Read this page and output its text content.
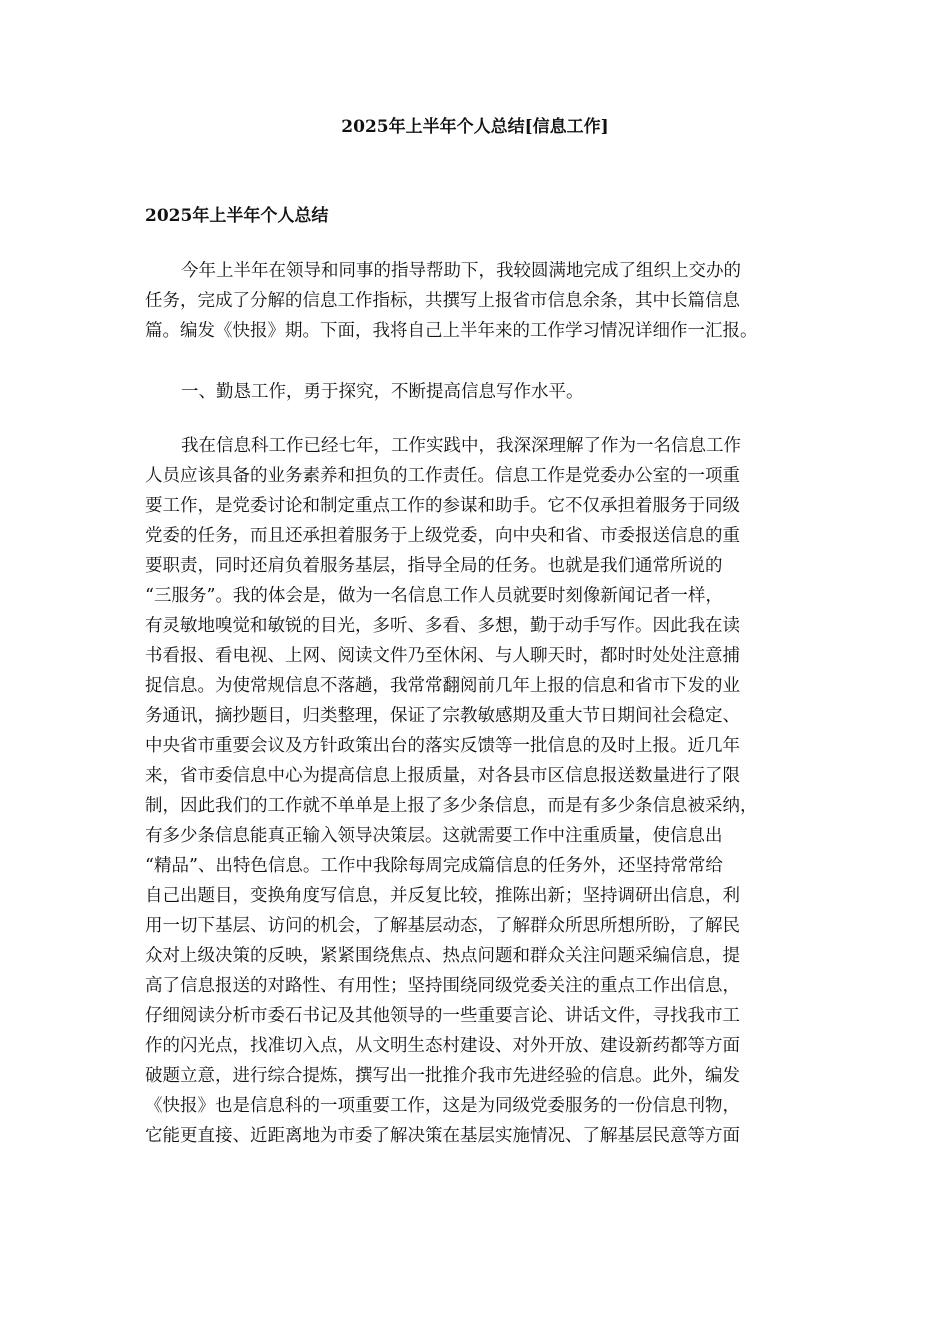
2025年上半年个人总结[信息工作]
2025年上半年个人总结
今年上半年在领导和同事的指导帮助下，我较圆满地完成了组织上交办的
任务，完成了分解的信息工作指标，共撰写上报省市信息余条，其中长篇信息
篇。编发《快报》期。下面，我将自己上半年来的工作学习情况详细作一汇报。
一、勤恳工作，勇于探究，不断提高信息写作水平。
我在信息科工作已经七年，工作实践中，我深深理解了作为一名信息工作
人员应该具备的业务素养和担负的工作责任。信息工作是党委办公室的一项重
要工作，是党委讨论和制定重点工作的参谋和助手。它不仅承担着服务于同级
党委的任务，而且还承担着服务于上级党委，向中央和省、市委报送信息的重
要职责，同时还肩负着服务基层，指导全局的任务。也就是我们通常所说的
“三服务”。我的体会是，做为一名信息工作人员就要时刻像新闻记者一样，
有灵敏地嗅觉和敏锐的目光，多听、多看、多想，勤于动手写作。因此我在读
书看报、看电视、上网、阅读文件乃至休闲、与人聊天时，都时时处处注意捕
捉信息。为使常规信息不落趟，我常常翻阅前几年上报的信息和省市下发的业
务通讯，摘抄题目，归类整理，保证了宗教敏感期及重大节日期间社会稳定、
中央省市重要会议及方针政策出台的落实反馈等一批信息的及时上报。近几年
来，省市委信息中心为提高信息上报质量，对各县市区信息报送数量进行了限
制，因此我们的工作就不单单是上报了多少条信息，而是有多少条信息被采纳，
有多少条信息能真正输入领导决策层。这就需要工作中注重质量，使信息出
“精品”、出特色信息。工作中我除每周完成篇信息的任务外，还坚持常常给
自己出题目，变换角度写信息，并反复比较，推陈出新；坚持调研出信息，利
用一切下基层、访问的机会，了解基层动态，了解群众所思所想所盼，了解民
众对上级决策的反映，紧紧围绕焦点、热点问题和群众关注问题采编信息，提
高了信息报送的对路性、有用性；坚持围绕同级党委关注的重点工作出信息，
仔细阅读分析市委石书记及其他领导的一些重要言论、讲话文件，寻找我市工
作的闪光点，找准切入点，从文明生态村建设、对外开放、建设新药都等方面
破题立意，进行综合提炼，撰写出一批推介我市先进经验的信息。此外，编发
《快报》也是信息科的一项重要工作，这是为同级党委服务的一份信息刊物，
它能更直接、近距离地为市委了解决策在基层实施情况、了解基层民意等方面
